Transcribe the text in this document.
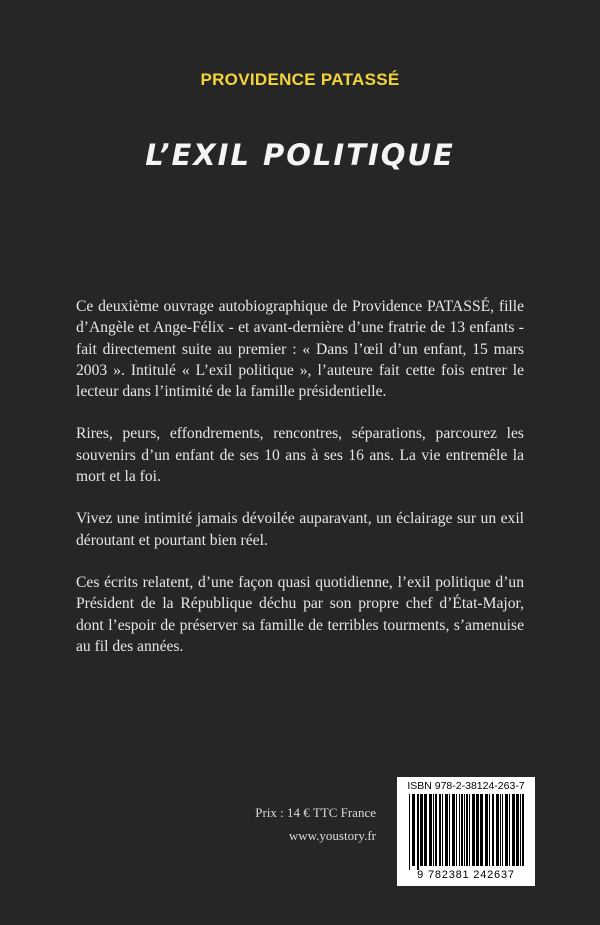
PROVIDENCE PATASSÉ
L’EXIL POLITIQUE

Ce deuxième ouvrage autobiographique de Providence PATASSÉ, fille d’Angèle et Ange-Félix - et avant-dernière d’une fratrie de 13 enfants - fait directement suite au premier : « Dans l’œil d’un enfant, 15 mars 2003 ». Intitulé « L’exil politique », l’auteure fait cette fois entrer le lecteur dans l’intimité de la famille présidentielle.

Rires, peurs, effondrements, rencontres, séparations, parcourez les souvenirs d’un enfant de ses 10 ans à ses 16 ans. La vie entremêle la mort et la foi.

Vivez une intimité jamais dévoilée auparavant, un éclairage sur un exil déroutant et pourtant bien réel.

Ces écrits relatent, d’une façon quasi quotidienne, l’exil politique d’un Président de la République déchu par son propre chef d’État-Major, dont l’espoir de préserver sa famille de terribles tourments, s’amenuise au fil des années.

Prix : 14 € TTC France
www.youstory.fr
ISBN 978-2-38124-263-7
9 782381 242637
